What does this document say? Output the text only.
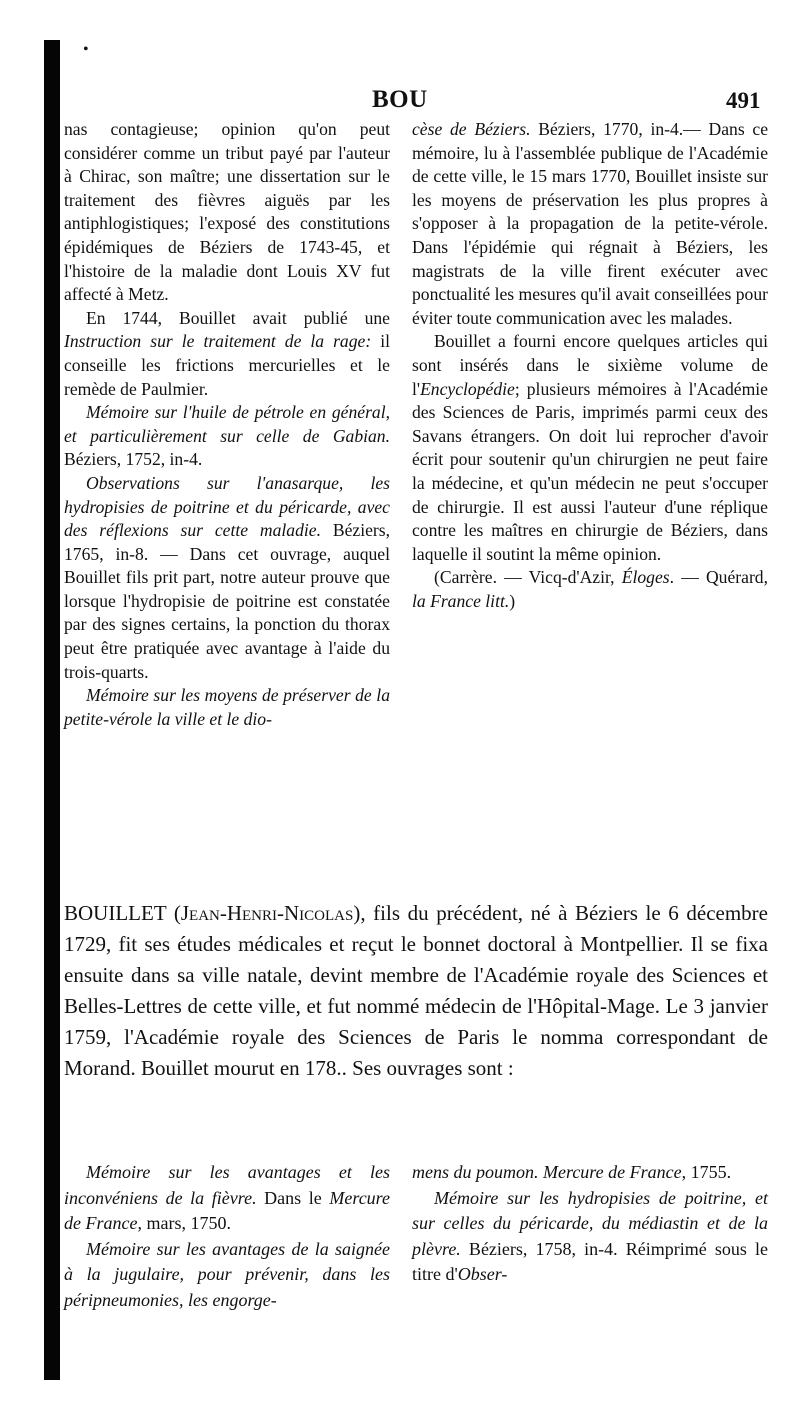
•
BOU	491

nas contagieuse; opinion qu'on peut considérer comme un tribut payé par l'auteur à Chirac, son maître; une dissertation sur le traitement des fièvres aiguës par les antiphlogistiques; l'exposé des constitutions épidémiques de Béziers de 1743-45, et l'histoire de la maladie dont Louis XV fut affecté à Metz.

En 1744, Bouillet avait publié une Instruction sur le traitement de la rage: il conseille les frictions mercurielles et le remède de Paulmier.

Mémoire sur l'huile de pétrole en général, et particulièrement sur celle de Gabian. Béziers, 1752, in-4.

Observations sur l'anasarque, les hydropisies de poitrine et du péricarde, avec des réflexions sur cette maladie. Béziers, 1765, in-8. — Dans cet ouvrage, auquel Bouillet fils prit part, notre auteur prouve que lorsque l'hydropisie de poitrine est constatée par des signes certains, la ponction du thorax peut être pratiquée avec avantage à l'aide du trois-quarts.

Mémoire sur les moyens de préserver de la petite-vérole la ville et le dio-

cèse de Béziers. Béziers, 1770, in-4.— Dans ce mémoire, lu à l'assemblée publique de l'Académie de cette ville, le 15 mars 1770, Bouillet insiste sur les moyens de préservation les plus propres à s'opposer à la propagation de la petite-vérole. Dans l'épidémie qui régnait à Béziers, les magistrats de la ville firent exécuter avec ponctualité les mesures qu'il avait conseillées pour éviter toute communication avec les malades.

Bouillet a fourni encore quelques articles qui sont insérés dans le sixième volume de l'Encyclopédie; plusieurs mémoires à l'Académie des Sciences de Paris, imprimés parmi ceux des Savans étrangers. On doit lui reprocher d'avoir écrit pour soutenir qu'un chirurgien ne peut faire la médecine, et qu'un médecin ne peut s'occuper de chirurgie. Il est aussi l'auteur d'une réplique contre les maîtres en chirurgie de Béziers, dans laquelle il soutint la même opinion.

(Carrère. — Vicq-d'Azir, Éloges. — Quérard, la France litt.)

BOUILLET (Jean-Henri-Nicolas), fils du précédent, né à Béziers le 6 décembre 1729, fit ses études médicales et reçut le bonnet doctoral à Montpellier. Il se fixa ensuite dans sa ville natale, devint membre de l'Académie royale des Sciences et Belles-Lettres de cette ville, et fut nommé médecin de l'Hôpital-Mage. Le 3 janvier 1759, l'Académie royale des Sciences de Paris le nomma correspondant de Morand. Bouillet mourut en 178.. Ses ouvrages sont :

Mémoire sur les avantages et les inconvéniens de la fièvre. Dans le Mercure de France, mars, 1750.

Mémoire sur les avantages de la saignée à la jugulaire, pour prévenir, dans les péripneumonies, les engorge-

mens du poumon. Mercure de France, 1755.

Mémoire sur les hydropisies de poitrine, et sur celles du péricarde, du médiastin et de la plèvre. Béziers, 1758, in-4. Réimprimé sous le titre d'Obser-
